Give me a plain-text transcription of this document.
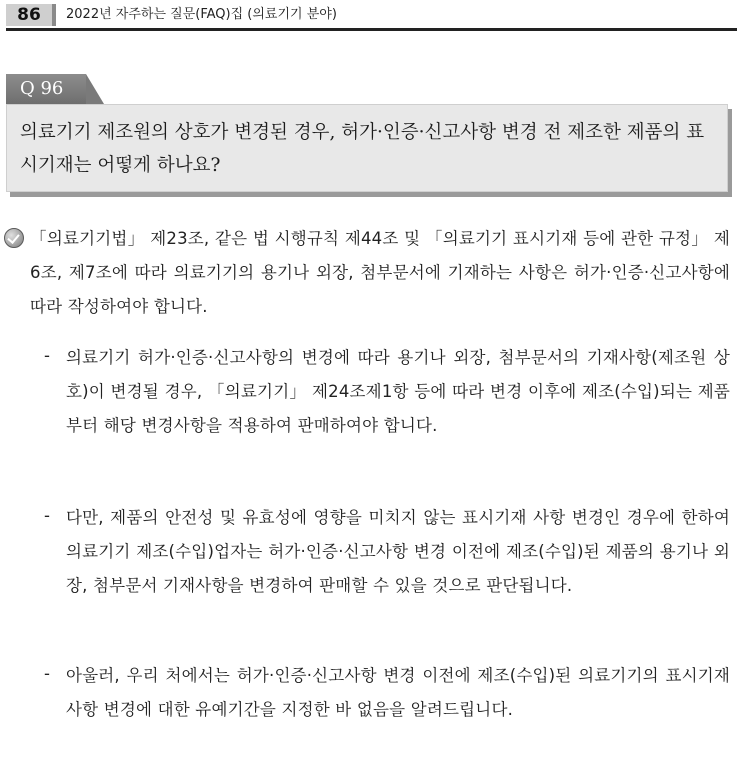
86	2022년 자주하는 질문(FAQ)집 (의료기기 분야)
Q 96
의료기기 제조원의 상호가 변경된 경우, 허가·인증·신고사항 변경 전 제조한 제품의 표시기재는 어떻게 하나요?
「의료기기법」 제23조, 같은 법 시행규칙 제44조 및 「의료기기 표시기재 등에 관한 규정」 제6조, 제7조에 따라 의료기기의 용기나 외장, 첨부문서에 기재하는 사항은 허가·인증·신고사항에 따라 작성하여야 합니다.
- 의료기기 허가·인증·신고사항의 변경에 따라 용기나 외장, 첨부문서의 기재사항(제조원 상호)이 변경될 경우, 「의료기기」 제24조제1항 등에 따라 변경 이후에 제조(수입)되는 제품부터 해당 변경사항을 적용하여 판매하여야 합니다.
- 다만, 제품의 안전성 및 유효성에 영향을 미치지 않는 표시기재 사항 변경인 경우에 한하여 의료기기 제조(수입)업자는 허가·인증·신고사항 변경 이전에 제조(수입)된 제품의 용기나 외장, 첨부문서 기재사항을 변경하여 판매할 수 있을 것으로 판단됩니다.
- 아울러, 우리 처에서는 허가·인증·신고사항 변경 이전에 제조(수입)된 의료기기의 표시기재 사항 변경에 대한 유예기간을 지정한 바 없음을 알려드립니다.
